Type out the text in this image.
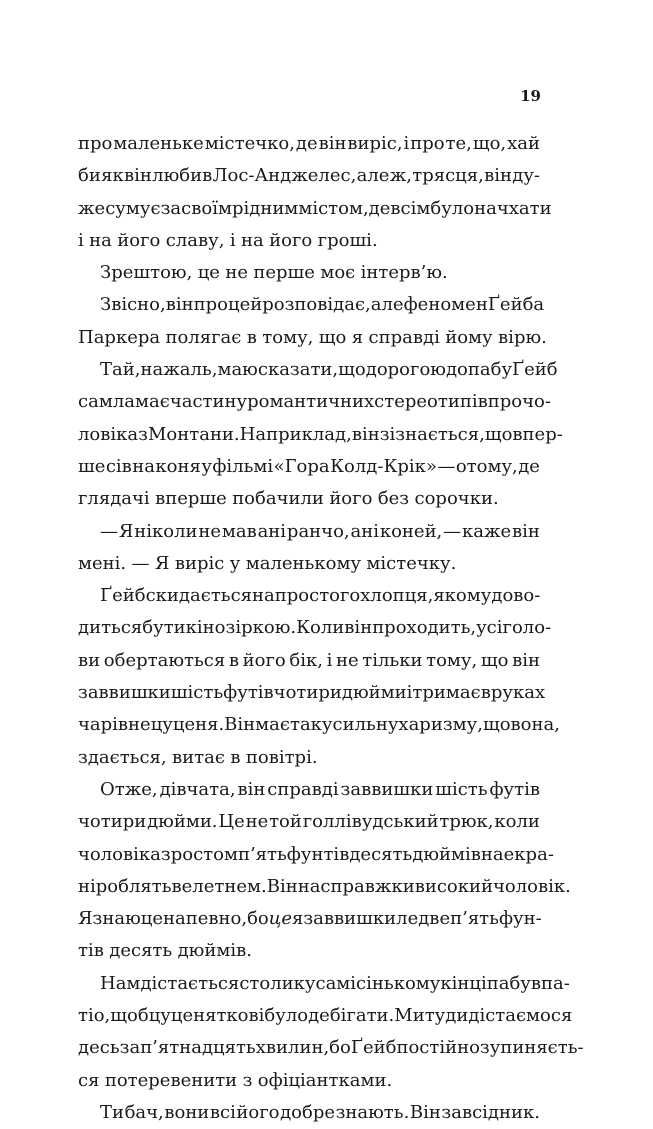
19
про маленьке містечко, де він виріс, і про те, що, хай
би як він любив Лос-Анджелес, але ж, трясця, він ду-
же сумує за своїм рідним містом, де всім було начхати
і на його славу, і на його гроші.
Зрештою, це не перше моє інтерв’ю.
Звісно, він про це й розповідає, але феномен Ґейба
Паркера полягає в тому, що я справді йому вірю.
Та й, на жаль, маю сказати, що дорогою до пабу Ґейб
сам ламає частину романтичних стереотипів про чо-
ловіка з Монтани. Наприклад, він зізнається, що впер-
ше сів на коня у фільмі «Гора Колд-Крік» — отому, де
глядачі вперше побачили його без сорочки.
— Я ніколи не мав ані ранчо, ані коней, — каже він
мені. — Я виріс у маленькому містечку.
Ґейб скидається на простого хлопця, якому дово-
диться бути кінозіркою. Коли він проходить, усі голо-
ви обертаються в його бік, і не тільки тому, що він
заввишки шість футів чотири дюйми і тримає в руках
чарівне цуценя. Він має таку сильну харизму, що вона,
здається, витає в повітрі.
Отже, дівчата, він справді заввишки шість футів
чотири дюйми. Це не той голлівудський трюк, коли
чоловіка зростом п’ять фунтів десять дюймів на екра-
ні роблять велетнем. Він насправжки високий чоловік.
Я знаю це напевно, бо це я заввишки ледве п’ять фун-
тів десять дюймів.
Нам дістається столик у самісінькому кінці пабу в па-
тіо, щоб цуценяткові було де бігати. Ми туди дістаємося
десь за п’ятнадцять хвилин, бо Ґейб постійно зупиняєть-
ся потеревенити з офіціантками.
Ти бач, вони всі його добре знають. Він завсідник.
